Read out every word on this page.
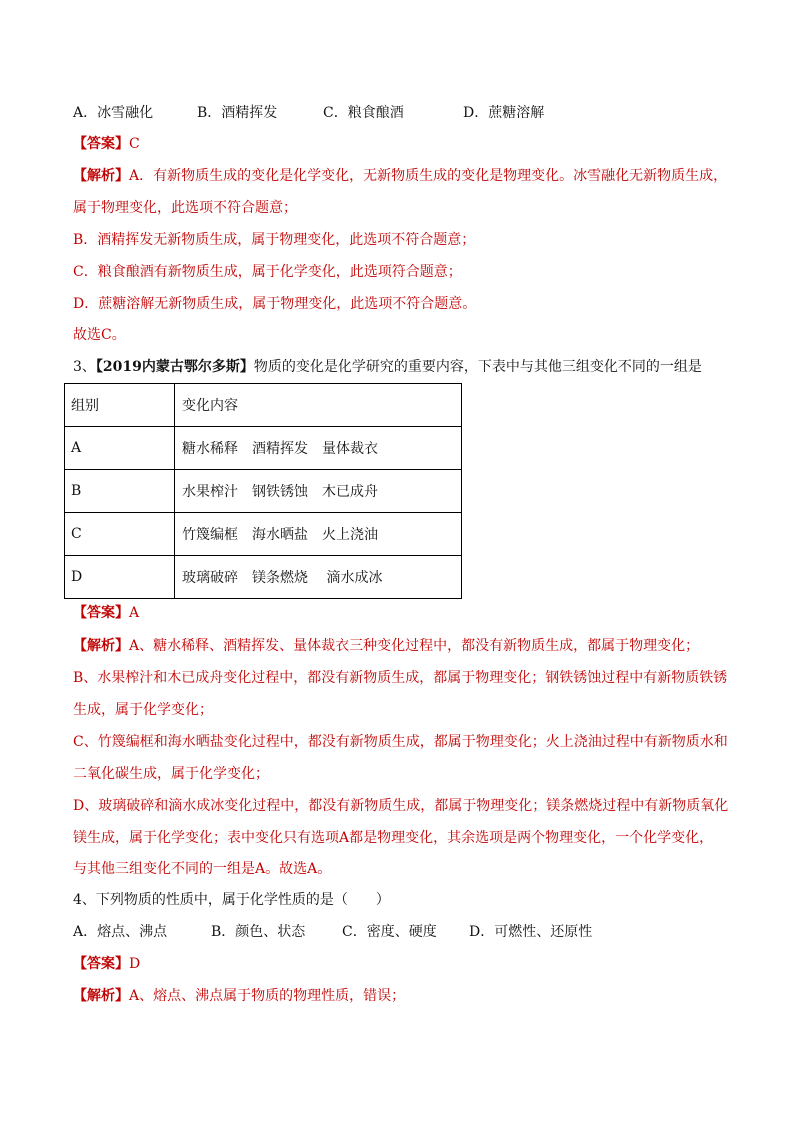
A．冰雪融化	B．酒精挥发	C．粮食酿酒	D．蔗糖溶解
【答案】C
【解析】A．有新物质生成的变化是化学变化，无新物质生成的变化是物理变化。冰雪融化无新物质生成，
属于物理变化，此选项不符合题意；
B．酒精挥发无新物质生成，属于物理变化，此选项不符合题意；
C．粮食酿酒有新物质生成，属于化学变化，此选项符合题意；
D．蔗糖溶解无新物质生成，属于物理变化，此选项不符合题意。
故选C。
3、【2019内蒙古鄂尔多斯】物质的变化是化学研究的重要内容，下表中与其他三组变化不同的一组是
组别	变化内容
A	糖水稀释　酒精挥发　量体裁衣
B	水果榨汁　钢铁锈蚀　木已成舟
C	竹篾编框　海水晒盐　火上浇油
D	玻璃破碎　镁条燃烧 　滴水成冰
【答案】A
【解析】A、糖水稀释、酒精挥发、量体裁衣三种变化过程中，都没有新物质生成，都属于物理变化；
B、水果榨汁和木已成舟变化过程中，都没有新物质生成，都属于物理变化；钢铁锈蚀过程中有新物质铁锈
生成，属于化学变化；
C、竹篾编框和海水晒盐变化过程中，都没有新物质生成，都属于物理变化；火上浇油过程中有新物质水和
二氧化碳生成，属于化学变化；
D、玻璃破碎和滴水成冰变化过程中，都没有新物质生成，都属于物理变化；镁条燃烧过程中有新物质氧化
镁生成，属于化学变化；表中变化只有选项A都是物理变化，其余选项是两个物理变化，一个化学变化，
与其他三组变化不同的一组是A。故选A。
4、下列物质的性质中，属于化学性质的是（　　）
A．熔点、沸点	B．颜色、状态	C．密度、硬度 D．可燃性、还原性
【答案】D
【解析】A、熔点、沸点属于物质的物理性质，错误；
